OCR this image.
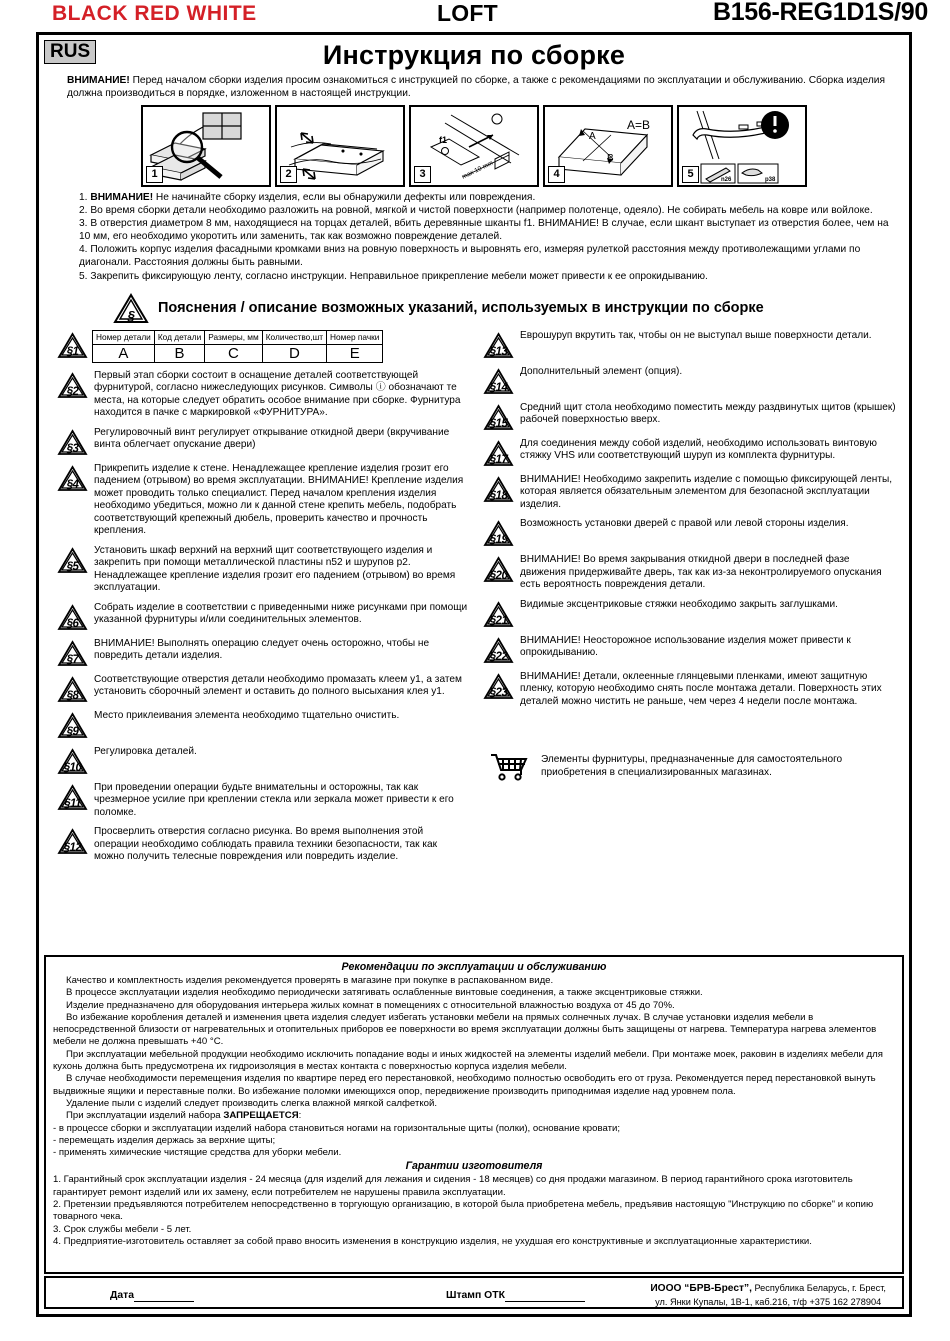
BLACK RED WHITE	LOFT	B156-REG1D1S/90
RUS	Инструкция по сборке
ВНИМАНИЕ! Перед началом сборки изделия просим ознакомиться с инструкцией по сборке, а также с рекомендациями по эксплуатации и обслуживанию. Сборка изделия должна производиться в порядке, изложенном в настоящей инструкции.
1	2
f1
max 10 mm
3
A
B
A=B
4	n26	p38
5

1. ВНИМАНИЕ! Не начинайте сборку изделия, если вы обнаружили дефекты или повреждения.

2. Во время сборки детали необходимо разложить на ровной, мягкой и чистой поверхности (например полотенце, одеяло). Не собирать мебель на ковре или войлоке.

3. В отверстия диаметром 8 мм, находящиеся на торцах деталей, вбить деревянные шканты f1. ВНИМАНИЕ! В случае, если шкант выступает из отверстия более, чем на 10 мм, его необходимо укоротить или заменить, так как возможно повреждение деталей.

4. Положить корпус изделия фасадными кромками вниз на ровную поверхность и выровнять его, измеряя рулеткой расстояния между противолежащими углами по диагонали. Расстояния должны быть равными.

5. Закрепить фиксирующую ленту, согласно инструкции. Неправильное прикрепление мебели может привести к ее опрокидыванию.

§	Пояснения / описание возможных указаний, используемых в инструкции по сборке
§1
Номер детали	Код детали	Размеры, мм	Количество,шт	Номер пачки
A	B	C	D	E
§2
Первый этап сборки состоит в оснащение деталей соответствующей фурнитурой, согласно нижеследующих рисунков. Символы ⓘ обозначают те места, на которые следует обратить особое внимание при сборке. Фурнитура находится в пачке с маркировкой «ФУРНИТУРА».
§3
Регулировочный винт регулирует открывание откидной двери (вкручивание винта облегчает опускание двери)
§4
Прикрепить изделие к стене. Ненадлежащее крепление изделия грозит его падением (отрывом) во время эксплуатации. ВНИМАНИЕ! Крепление изделия может проводить только специалист. Перед началом крепления изделия необходимо убедиться, можно ли к данной стене крепить мебель, подобрать соответствующий крепежный дюбель, проверить качество и прочность крепления.
§5
Установить шкаф верхний на верхний щит соответствующего изделия и закрепить при помощи металлической пластины n52 и шурупов p2. Ненадлежащее крепление изделия грозит его падением (отрывом) во время эксплуатации.
§6
Собрать изделие в соответствии с приведенными ниже рисунками при помощи указанной фурнитуры и/или соединительных элементов.
§7
ВНИМАНИЕ! Выполнять операцию следует очень осторожно, чтобы не повредить детали изделия.
§8
Соответствующие отверстия детали необходимо промазать клеем y1, а затем установить сборочный элемент и оставить до полного высыхания клея y1.
§9
Место приклеивания элемента необходимо тщательно очистить.
§10
Регулировка деталей.
§11
При проведении операции будьте внимательны и осторожны, так как чрезмерное усилие при креплении стекла или зеркала может привести к его поломке.
§12
Просверлить отверстия согласно рисунка. Во время выполнения этой операции необходимо соблюдать правила техники безопасности, так как можно получить телесные повреждения или повредить изделие.
§13
Еврошуруп вкрутить так, чтобы он не выступал выше поверхности детали.
§14
Дополнительный элемент (опция).
§15
Средний щит стола необходимо поместить между раздвинутых щитов (крышек) рабочей поверхностью вверх.
§17
Для соединения между собой изделий, необходимо использовать винтовую стяжку VHS или соответствующий шуруп из комплекта фурнитуры.
§18
ВНИМАНИЕ! Необходимо закрепить изделие с помощью фиксирующей ленты, которая является обязательным элементом для безопасной эксплуатации изделия.
§19
Возможность установки дверей с правой или левой стороны изделия.
§20
ВНИМАНИЕ! Во время закрывания откидной двери в последней фазе движения придерживайте дверь, так как из-за неконтролируемого опускания есть вероятность повреждения детали.
§21
Видимые эксцентриковые стяжки необходимо закрыть заглушками.
§22
ВНИМАНИЕ! Неосторожное использование изделия может привести к опрокидыванию.
§23
ВНИМАНИЕ! Детали, оклеенные глянцевыми пленками, имеют защитную пленку, которую необходимо снять после монтажа детали. Поверхность этих деталей можно чистить не раньше, чем через 4 недели после монтажа.
Элементы фурнитуры, предназначенные для самостоятельного приобретения в специализированных магазинах.
Рекомендации по эксплуатации и обслуживанию

Качество и комплектность изделия рекомендуется проверять в магазине при покупке в распакованном виде.

В процессе эксплуатации изделия необходимо периодически затягивать ослабленные винтовые соединения, а также эксцентриковые стяжки.

Изделие предназначено для оборудования интерьера жилых комнат в помещениях с относительной влажностью воздуха от 45 до 70%.

Во избежание коробления деталей и изменения цвета изделия следует избегать установки мебели на прямых солнечных лучах. В случае установки изделия мебели в непосредственной близости от нагревательных и отопительных приборов ее поверхности во время эксплуатации должны быть защищены от нагрева. Температура нагрева элементов мебели не должна превышать +40 °С.

При эксплуатации мебельной продукции необходимо исключить попадание воды и иных жидкостей на элементы изделий мебели. При монтаже моек, раковин в изделиях мебели для кухонь должна быть предусмотрена их гидроизоляция в местах контакта с поверхностью корпуса изделия мебели.

В случае необходимости перемещения изделия по квартире перед его перестановкой, необходимо полностью освободить его от груза. Рекомендуется перед перестановкой вынуть выдвижные ящики и переставные полки. Во избежание поломки имеющихся опор, передвижение производить приподнимая изделие над уровнем пола.

Удаление пыли с изделий следует производить слегка влажной мягкой салфеткой.

При эксплуатации изделий набора ЗАПРЕЩАЕТСЯ:

- в процессе сборки и эксплуатации изделий набора становиться ногами на горизонтальные щиты (полки), основание кровати;

- перемещать изделия держась за верхние щиты;

- применять химические чистящие средства для уборки мебели.

Гарантии изготовителя

1. Гарантийный срок эксплуатации изделия - 24 месяца (для изделий для лежания и сидения - 18 месяцев) со дня продажи магазином. В период гарантийного срока изготовитель гарантирует ремонт изделий или их замену, если потребителем не нарушены правила эксплуатации.

2. Претензии предъявляются потребителем непосредственно в торгующую организацию, в которой была приобретена мебель, предъявив настоящую "Инструкцию по сборке" и копию товарного чека.

3. Срок службы мебели - 5 лет.

4. Предприятие-изготовитель оставляет за собой право вносить изменения в конструкцию изделия, не ухудшая его конструктивные и эксплуатационные характеристики.

Дата	Штамп ОТК
ИООО “БРВ-Брест”, Республика Беларусь, г. Брест,
ул. Янки Купалы, 1В-1, каб.216, т/ф +375 162 278904
